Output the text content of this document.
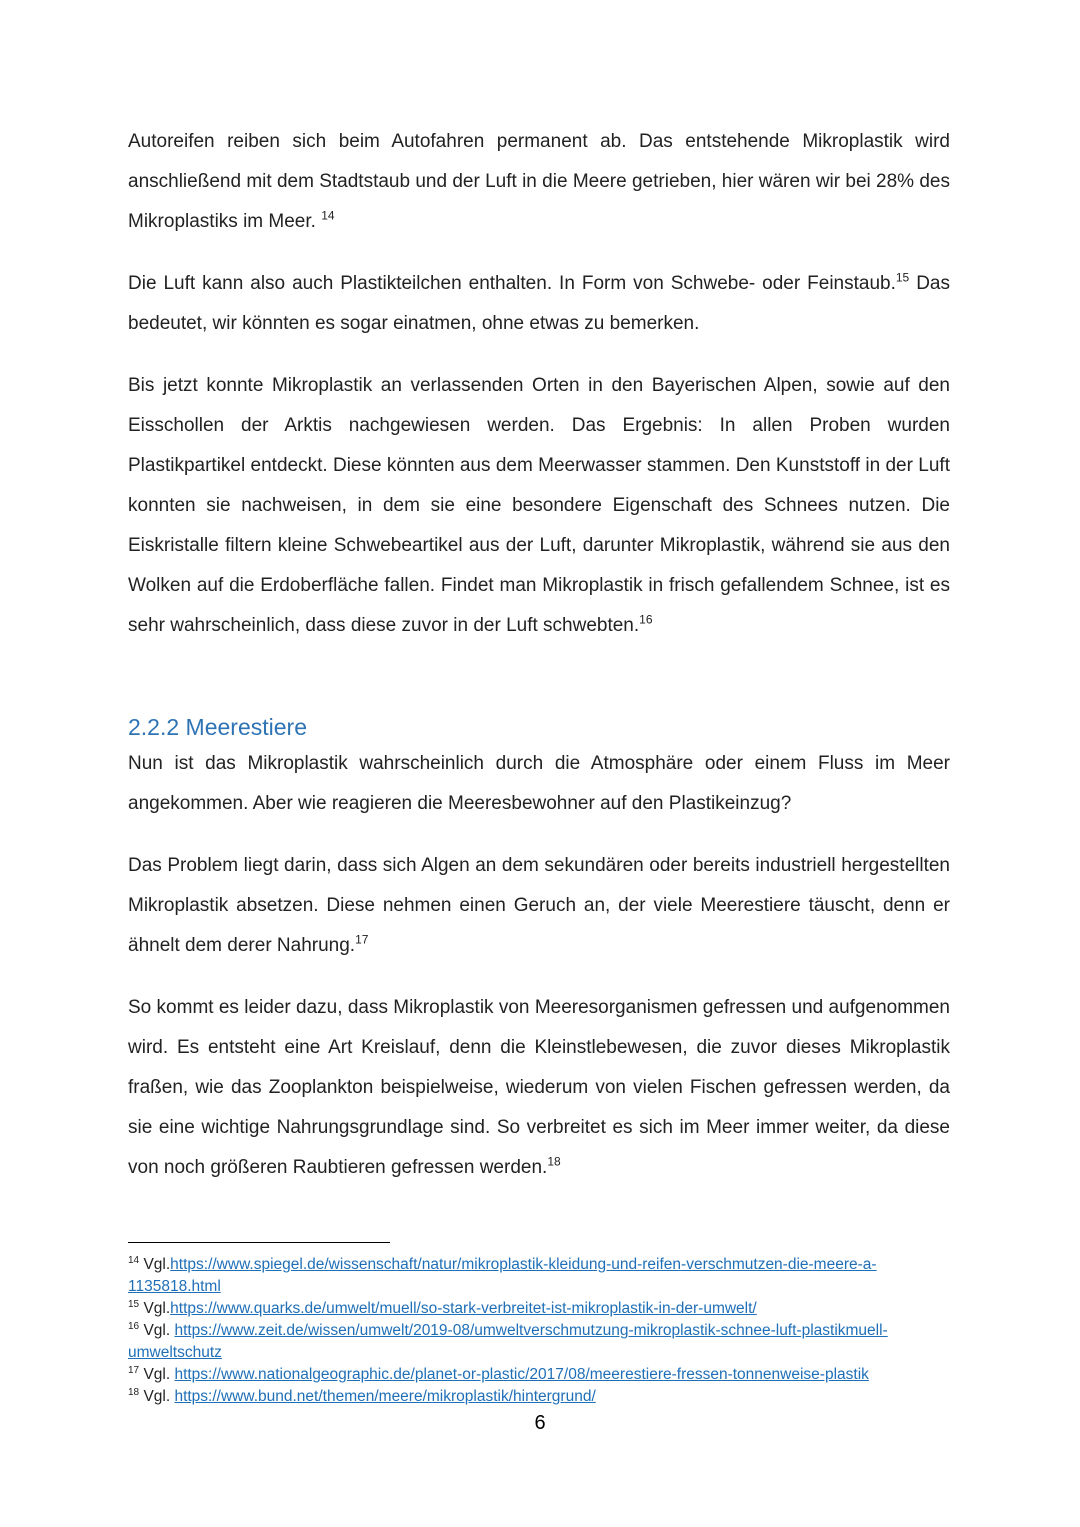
Autoreifen reiben sich beim Autofahren permanent ab. Das entstehende Mikroplastik wird anschließend mit dem Stadtstaub und der Luft in die Meere getrieben, hier wären wir bei 28% des Mikroplastiks im Meer. $^{14}$

Die Luft kann also auch Plastikteilchen enthalten. In Form von Schwebe- oder Feinstaub.$^{15}$ Das bedeutet, wir könnten es sogar einatmen, ohne etwas zu bemerken.

Bis jetzt konnte Mikroplastik an verlassenden Orten in den Bayerischen Alpen, sowie auf den Eisschollen der Arktis nachgewiesen werden. Das Ergebnis: In allen Proben wurden Plastikpartikel entdeckt. Diese könnten aus dem Meerwasser stammen. Den Kunststoff in der Luft konnten sie nachweisen, in dem sie eine besondere Eigenschaft des Schnees nutzen. Die Eiskristalle filtern kleine Schwebeartikel aus der Luft, darunter Mikroplastik, während sie aus den Wolken auf die Erdoberfläche fallen. Findet man Mikroplastik in frisch gefallendem Schnee, ist es sehr wahrscheinlich, dass diese zuvor in der Luft schwebten.$^{16}$

2.2.2 Meerestiere

Nun ist das Mikroplastik wahrscheinlich durch die Atmosphäre oder einem Fluss im Meer angekommen. Aber wie reagieren die Meeresbewohner auf den Plastikeinzug?

Das Problem liegt darin, dass sich Algen an dem sekundären oder bereits industriell hergestellten Mikroplastik absetzen. Diese nehmen einen Geruch an, der viele Meerestiere täuscht, denn er ähnelt dem derer Nahrung.$^{17}$

So kommt es leider dazu, dass Mikroplastik von Meeresorganismen gefressen und aufgenommen wird. Es entsteht eine Art Kreislauf, denn die Kleinstlebewesen, die zuvor dieses Mikroplastik fraßen, wie das Zooplankton beispielweise, wiederum von vielen Fischen gefressen werden, da sie eine wichtige Nahrungsgrundlage sind. So verbreitet es sich im Meer immer weiter, da diese von noch größeren Raubtieren gefressen werden.$^{18}$

$^{14}$ Vgl.https://www.spiegel.de/wissenschaft/natur/mikroplastik-kleidung-und-reifen-verschmutzen-die-meere-a-1135818.html

$^{15}$ Vgl.https://www.quarks.de/umwelt/muell/so-stark-verbreitet-ist-mikroplastik-in-der-umwelt/

$^{16}$ Vgl. https://www.zeit.de/wissen/umwelt/2019-08/umweltverschmutzung-mikroplastik-schnee-luft-plastikmuell-umweltschutz

$^{17}$ Vgl. https://www.nationalgeographic.de/planet-or-plastic/2017/08/meerestiere-fressen-tonnenweise-plastik

$^{18}$ Vgl. https://www.bund.net/themen/meere/mikroplastik/hintergrund/

6
